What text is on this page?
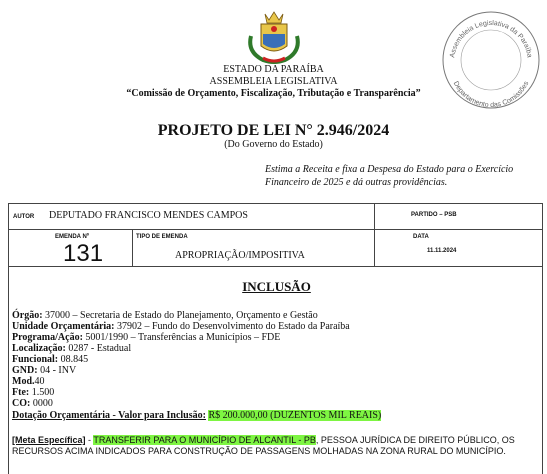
ESTADO DA PARAÍBA
ASSEMBLEIA LEGISLATIVA
“Comissão de Orçamento, Fiscalização, Tributação e Transparência”
Assembleia Legislativa da Paraíba
Departamento das Comissões
PROJETO DE LEI N° 2.946/2024
(Do Governo do Estado)
Estima a Receita e fixa a Despesa do Estado para o Exercício Financeiro de 2025 e dá outras providências.
AUTOR DEPUTADO FRANCISCO MENDES CAMPOS	PARTIDO – PSB
EMENDA Nº
131
TIPO DE EMENDA
APROPRIAÇÃO/IMPOSITIVA
DATA
11.11.2024
INCLUSÃO
Órgão: 37000 – Secretaria de Estado do Planejamento, Orçamento e Gestão
Unidade Orçamentária: 37902 – Fundo do Desenvolvimento do Estado da Paraíba
Programa/Ação: 5001/1990 – Transferências a Municípios – FDE
Localização: 0287 - Estadual
Funcional: 08.845
GND: 04 - INV
Mod.40
Fte: 1.500
CO: 0000
Dotação Orçamentária - Valor para Inclusão: R$ 200.000,00 (DUZENTOS MIL REAIS)
[Meta Específica] - TRANSFERIR PARA O MUNICÍPIO DE ALCANTIL - PB, PESSOA JURÍDICA DE DIREITO PÚBLICO, OS
RECURSOS ACIMA INDICADOS PARA CONSTRUÇÃO DE PASSAGENS MOLHADAS NA ZONA RURAL DO MUNICÍPIO.
